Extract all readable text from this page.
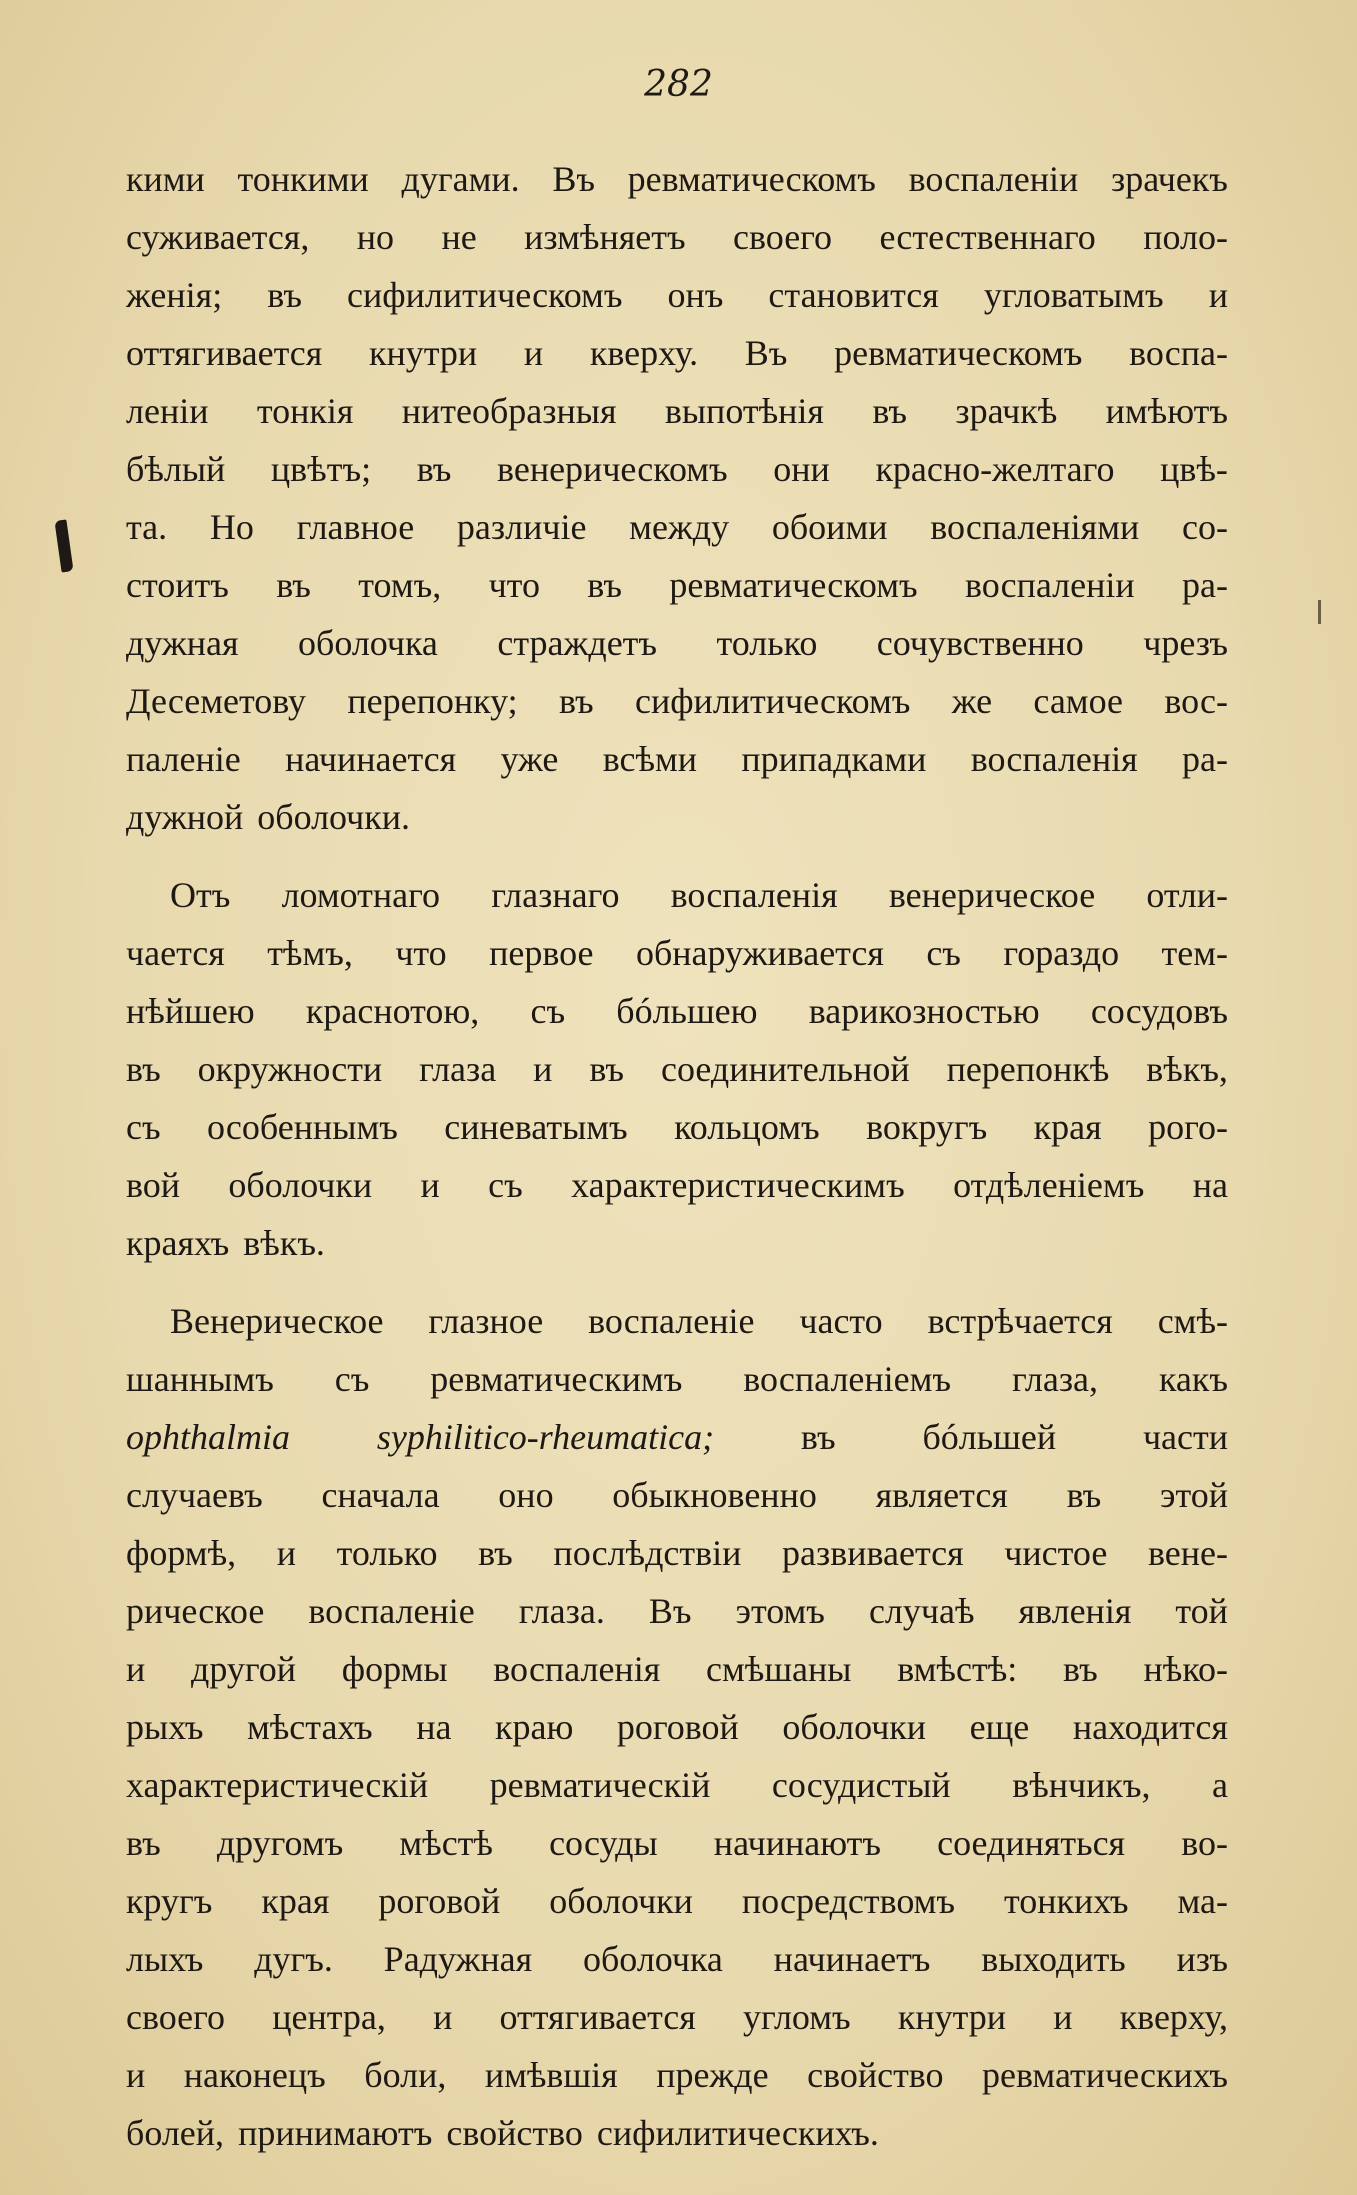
282
кими тонкими дугами. Въ ревматическомъ воспаленіи зрачекъ
суживается, но не измѣняетъ своего естественнаго поло-
женія; въ сифилитическомъ онъ становится угловатымъ и
оттягивается кнутри и кверху. Въ ревматическомъ воспа-
леніи тонкія нитеобразныя выпотѣнія въ зрачкѣ имѣютъ
бѣлый цвѣтъ; въ венерическомъ они красно-желтаго цвѣ-
та. Но главное различіе между обоими воспаленіями со-
стоитъ въ томъ, что въ ревматическомъ воспаленіи ра-
дужная оболочка страждетъ только сочувственно чрезъ
Десеметову перепонку; въ сифилитическомъ же самое вос-
паленіе начинается уже всѣми припадками воспаленія ра-
дужной оболочки.
Отъ ломотнаго глазнаго воспаленія венерическое отли-
чается тѣмъ, что первое обнаруживается съ гораздо тем-
нѣйшею краснотою, съ бóльшею варикозностью сосудовъ
въ окружности глаза и въ соединительной перепонкѣ вѣкъ,
съ особеннымъ синеватымъ кольцомъ вокругъ края рого-
вой оболочки и съ характеристическимъ отдѣленіемъ на
краяхъ вѣкъ.
Венерическое глазное воспаленіе часто встрѣчается смѣ-
шаннымъ съ ревматическимъ воспаленіемъ глаза, какъ
ophthalmia syphilitico-rheumatica; въ бóльшей части
случаевъ сначала оно обыкновенно является въ этой
формѣ, и только въ послѣдствіи развивается чистое вене-
рическое воспаленіе глаза. Въ этомъ случаѣ явленія той
и другой формы воспаленія смѣшаны вмѣстѣ: въ нѣко-
рыхъ мѣстахъ на краю роговой оболочки еще находится
характеристическій ревматическій сосудистый вѣнчикъ, а
въ другомъ мѣстѣ сосуды начинаютъ соединяться во-
кругъ края роговой оболочки посредствомъ тонкихъ ма-
лыхъ дугъ. Радужная оболочка начинаетъ выходить изъ
своего центра, и оттягивается угломъ кнутри и кверху,
и наконецъ боли, имѣвшія прежде свойство ревматическихъ
болей, принимаютъ свойство сифилитическихъ.
